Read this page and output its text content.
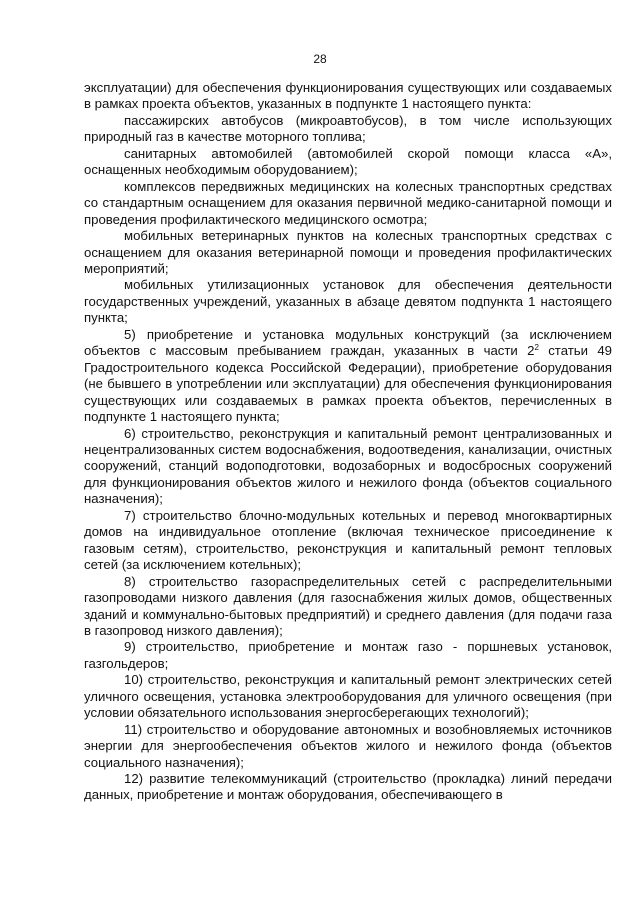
28

эксплуатации) для обеспечения функционирования существующих или создаваемых в рамках проекта объектов, указанных в подпункте 1 настоящего пункта:

пассажирских автобусов (микроавтобусов), в том числе использующих природный газ в качестве моторного топлива;

санитарных автомобилей (автомобилей скорой помощи класса «А», оснащенных необходимым оборудованием);

комплексов передвижных медицинских на колесных транспортных средствах со стандартным оснащением для оказания первичной медико-санитарной помощи и проведения профилактического медицинского осмотра;

мобильных ветеринарных пунктов на колесных транспортных средствах с оснащением для оказания ветеринарной помощи и проведения профилактических мероприятий;

мобильных утилизационных установок для обеспечения деятельности государственных учреждений, указанных в абзаце девятом подпункта 1 настоящего пункта;

5) приобретение и установка модульных конструкций (за исключением объектов с массовым пребыванием граждан, указанных в части $2^2$ статьи 49 Градостроительного кодекса Российской Федерации), приобретение оборудования (не бывшего в употреблении или эксплуатации) для обеспечения функционирования существующих или создаваемых в рамках проекта объектов, перечисленных в подпункте 1 настоящего пункта;

6) строительство, реконструкция и капитальный ремонт централизованных и нецентрализованных систем водоснабжения, водоотведения, канализации, очистных сооружений, станций водоподготовки, водозаборных и водосбросных сооружений для функционирования объектов жилого и нежилого фонда (объектов социального назначения);

7) строительство блочно-модульных котельных и перевод многоквартирных домов на индивидуальное отопление (включая техническое присоединение к газовым сетям), строительство, реконструкция и капитальный ремонт тепловых сетей (за исключением котельных);

8) строительство газораспределительных сетей с распределительными газопроводами низкого давления (для газоснабжения жилых домов, общественных зданий и коммунально-бытовых предприятий) и среднего давления (для подачи газа в газопровод низкого давления);

9) строительство, приобретение и монтаж газо - поршневых установок, газгольдеров;

10) строительство, реконструкция и капитальный ремонт электрических сетей уличного освещения, установка электрооборудования для уличного освещения (при условии обязательного использования энергосберегающих технологий);

11) строительство и оборудование автономных и возобновляемых источников энергии для энергообеспечения объектов жилого и нежилого фонда (объектов социального назначения);

12) развитие телекоммуникаций (строительство (прокладка) линий передачи данных, приобретение и монтаж оборудования, обеспечивающего в
